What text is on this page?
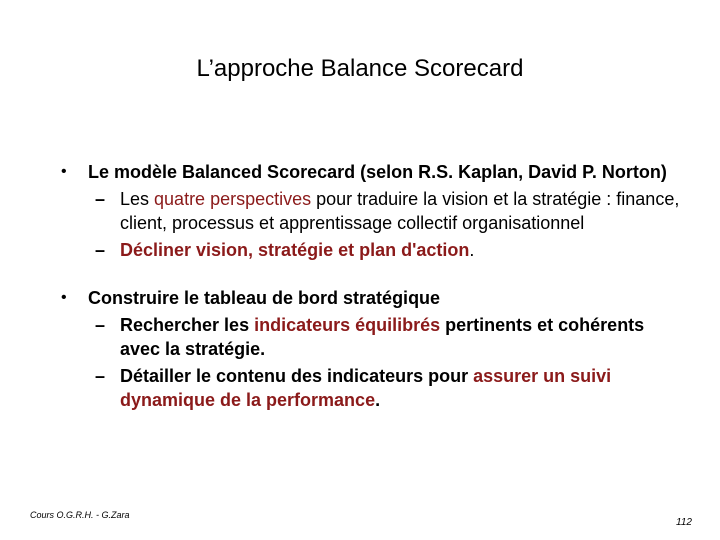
L’approche Balance Scorecard
• Le modèle Balanced Scorecard (selon R.S. Kaplan, David P. Norton)
– Les quatre perspectives pour traduire la vision et la stratégie : finance, client, processus et apprentissage collectif organisationnel
– Décliner vision, stratégie et plan d'action.
• Construire le tableau de bord stratégique
– Rechercher les indicateurs équilibrés pertinents et cohérents avec la stratégie.
– Détailler le contenu des indicateurs pour assurer un suivi dynamique de la performance.
Cours O.G.R.H. - G.Zara
112
